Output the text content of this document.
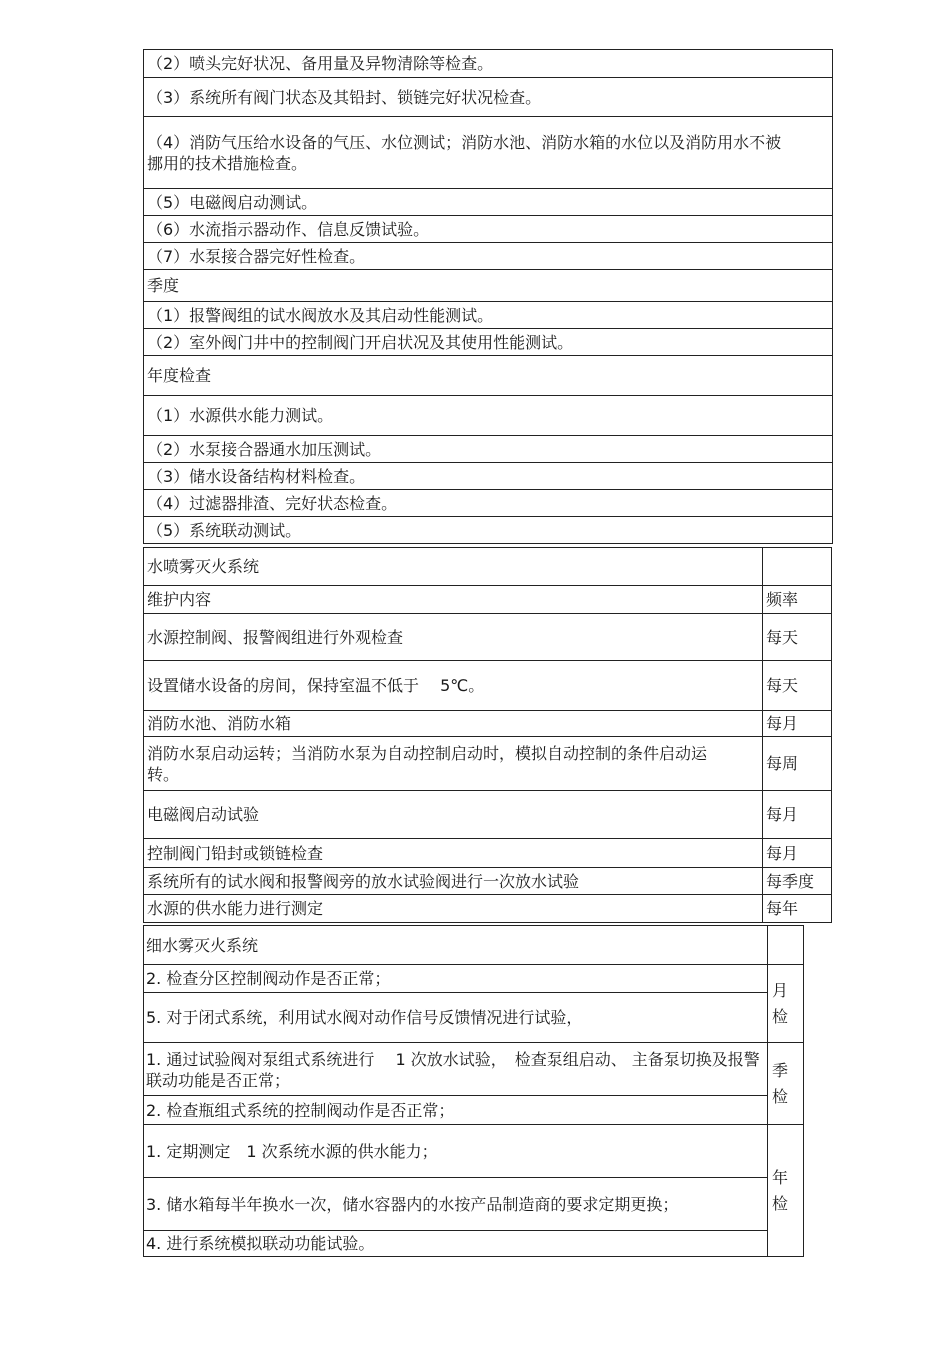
（2）喷头完好状况、备用量及异物清除等检查。
（3）系统所有阀门状态及其铅封、锁链完好状况检查。
（4）消防气压给水设备的气压、水位测试；消防水池、消防水箱的水位以及消防用水不被挪用的技术措施检查。
（5）电磁阀启动测试。
（6）水流指示器动作、信息反馈试验。
（7）水泵接合器完好性检查。
季度
（1）报警阀组的试水阀放水及其启动性能测试。
（2）室外阀门井中的控制阀门开启状况及其使用性能测试。
年度检查
（1）水源供水能力测试。
（2）水泵接合器通水加压测试。
（3）储水设备结构材料检查。
（4）过滤器排渣、完好状态检查。
（5）系统联动测试。
水喷雾灭火系统	
维护内容	频率
水源控制阀、报警阀组进行外观检查	每天
设置储水设备的房间，保持室温不低于　 5℃。	每天
消防水池、消防水箱	每月
消防水泵启动运转；当消防水泵为自动控制启动时，模拟自动控制的条件启动运转。	每周
电磁阀启动试验	每月
控制阀门铅封或锁链检查	每月
系统所有的试水阀和报警阀旁的放水试验阀进行一次放水试验	每季度
水源的供水能力进行测定	每年
细水雾灭火系统	
2. 检查分区控制阀动作是否正常；	月检
5. 对于闭式系统，利用试水阀对动作信号反馈情况进行试验，	
1. 通过试验阀对泵组式系统进行　 1 次放水试验，　检查泵组启动、 主备泵切换及报警联动功能是否正常；	季检
2. 检查瓶组式系统的控制阀动作是否正常；	
1. 定期测定　1 次系统水源的供水能力；	年检
3. 储水箱每半年换水一次，储水容器内的水按产品制造商的要求定期更换；	
4. 进行系统模拟联动功能试验。	
